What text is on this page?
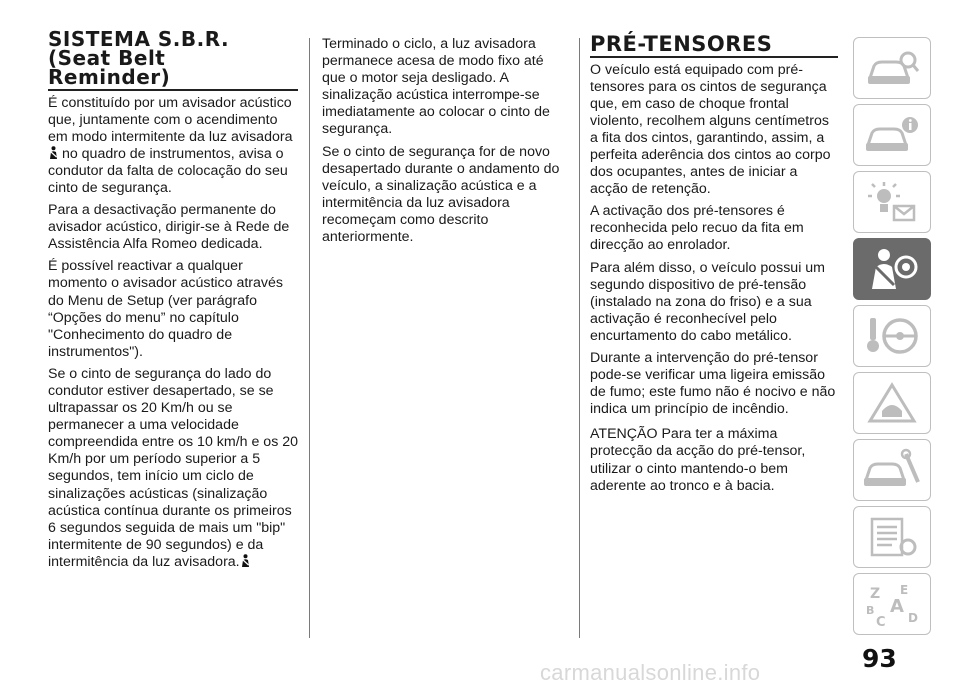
SISTEMA S.B.R.
(Seat Belt
Reminder)

É constituído por um avisador acústico que, juntamente com o acendimento em modo intermitente da luz avisadora
no quadro de instrumentos, avisa o condutor da falta de colocação do seu cinto de segurança.

Para a desactivação permanente do avisador acústico, dirigir-se à Rede de Assistência Alfa Romeo dedicada.

É possível reactivar a qualquer momento o avisador acústico através do Menu de Setup (ver parágrafo “Opções do menu” no capítulo "Conhecimento do quadro de instrumentos").

Se o cinto de segurança do lado do condutor estiver desapertado, se se ultrapassar os 20 Km/h ou se permanecer a uma velocidade compreendida entre os 10 km/h e os 20 Km/h por um período superior a 5 segundos, tem início um ciclo de sinalizações acústicas (sinalização acústica contínua durante os primeiros 6 segundos seguida de mais um "bip" intermitente de 90 segundos) e da intermitência da luz avisadora.

Terminado o ciclo, a luz avisadora permanece acesa de modo fixo até que o motor seja desligado. A sinalização acústica interrompe-se imediatamente ao colocar o cinto de segurança.

Se o cinto de segurança for de novo desapertado durante o andamento do veículo, a sinalização acústica e a intermitência da luz avisadora recomeçam como descrito anteriormente.

PRÉ-TENSORES

O veículo está equipado com pré-tensores para os cintos de segurança que, em caso de choque frontal violento, recolhem alguns centímetros a fita dos cintos, garantindo, assim, a perfeita aderência dos cintos ao corpo dos ocupantes, antes de iniciar a acção de retenção.

A activação dos pré-tensores é reconhecida pelo recuo da fita em direcção ao enrolador.

Para além disso, o veículo possui um segundo dispositivo de pré-tensão (instalado na zona do friso) e a sua activação é reconhecível pelo encurtamento do cabo metálico.

Durante a intervenção do pré-tensor pode-se verificar uma ligeira emissão de fumo; este fumo não é nocivo e não indica um princípio de incêndio.

ATENÇÃO Para ter a máxima protecção da acção do pré-tensor, utilizar o cinto mantendo-o bem aderente ao tronco e à bacia.

Z E
B A
C D
93
carmanualsonline.info
